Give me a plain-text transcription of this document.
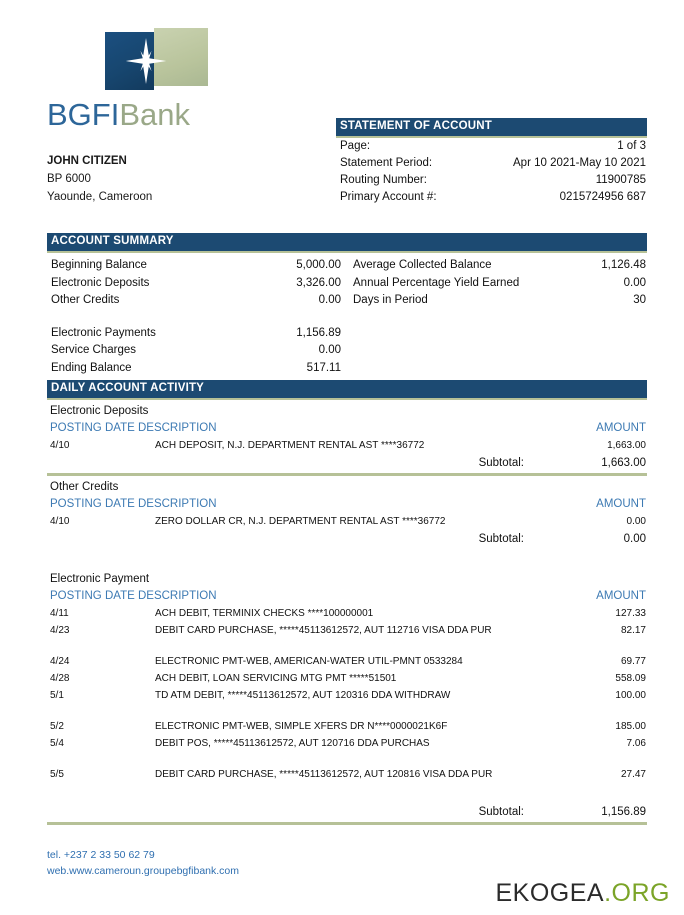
BGFIBank
JOHN CITIZEN
BP 6000
Yaounde, Cameroon
STATEMENT OF ACCOUNT
Page:	1 of 3
Statement Period:	Apr 10 2021-May 10 2021
Routing Number:	11900785
Primary Account #:	0215724956 687
ACCOUNT SUMMARY
Beginning Balance	5,000.00
Electronic Deposits	3,326.00
Other Credits	0.00
Electronic Payments	1,156.89
Service Charges	0.00
Ending Balance	517.11
Average Collected Balance	1,126.48
Annual Percentage Yield Earned	0.00
Days in Period	30
DAILY ACCOUNT ACTIVITY
Electronic Deposits
POSTING DATE DESCRIPTION	AMOUNT
4/10	ACH DEPOSIT, N.J. DEPARTMENT RENTAL AST ****36772	1,663.00
Subtotal:	1,663.00
Other Credits
POSTING DATE DESCRIPTION	AMOUNT
4/10	ZERO DOLLAR CR, N.J. DEPARTMENT RENTAL AST ****36772	0.00
Subtotal:	0.00
Electronic Payment
POSTING DATE DESCRIPTION	AMOUNT
4/11	ACH DEBIT, TERMINIX CHECKS ****100000001	127.33
4/23	DEBIT CARD PURCHASE, *****45113612572, AUT 112716 VISA DDA PUR	82.17
4/24	ELECTRONIC PMT-WEB, AMERICAN-WATER UTIL-PMNT 0533284	69.77
4/28	ACH DEBIT, LOAN SERVICING MTG PMT *****51501	558.09
5/1	TD ATM DEBIT, *****45113612572, AUT 120316 DDA WITHDRAW	100.00
5/2	ELECTRONIC PMT-WEB, SIMPLE XFERS DR N****0000021K6F	185.00
5/4	DEBIT POS, *****45113612572, AUT 120716 DDA PURCHAS	7.06
5/5	DEBIT CARD PURCHASE, *****45113612572, AUT 120816 VISA DDA PUR	27.47
Subtotal:	1,156.89
tel. +237 2 33 50 62 79
web.www.cameroun.groupebgfibank.com
EKOGEA.ORG
